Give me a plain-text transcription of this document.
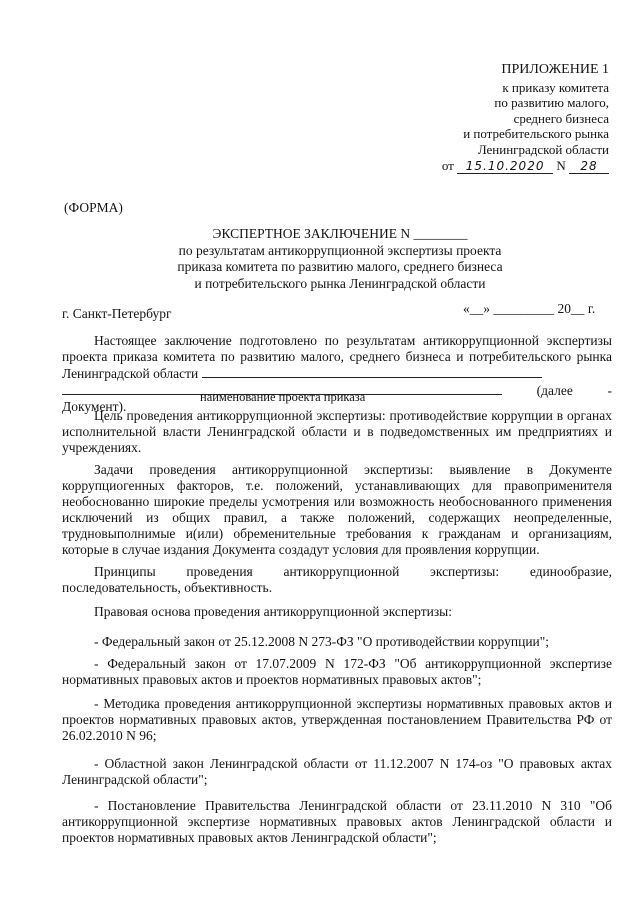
ПРИЛОЖЕНИЕ 1
к приказу комитета
по развитию малого,
среднего бизнеса
и потребительского рынка
Ленинградской области
от 15.10.2020 N 28
(ФОРМА)
ЭКСПЕРТНОЕ ЗАКЛЮЧЕНИЕ N ________
по результатам антикоррупционной экспертизы проекта
приказа комитета по развитию малого, среднего бизнеса
и потребительского рынка Ленинградской области
г. Санкт-Петербург	«__» _________ 20__ г.

Настоящее заключение подготовлено по результатам антикоррупционной экспертизы проекта приказа комитета по развитию малого, среднего бизнеса и потребительского рынка Ленинградской области
(далее - Документ).

наименование проекта приказа

Цель проведения антикоррупционной экспертизы: противодействие коррупции в органах исполнительной власти Ленинградской области и в подведомственных им предприятиях и учреждениях.

Задачи проведения антикоррупционной экспертизы: выявление в Документе коррупциогенных факторов, т.е. положений, устанавливающих для правоприменителя необоснованно широкие пределы усмотрения или возможность необоснованного применения исключений из общих правил, а также положений, содержащих неопределенные, трудновыполнимые и(или) обременительные требования к гражданам и организациям, которые в случае издания Документа создадут условия для проявления коррупции.

Принципы проведения антикоррупционной экспертизы: единообразие, последовательность, объективность.

Правовая основа проведения антикоррупционной экспертизы:

- Федеральный закон от 25.12.2008 N 273-ФЗ "О противодействии коррупции";

- Федеральный закон от 17.07.2009 N 172-ФЗ "Об антикоррупционной экспертизе нормативных правовых актов и проектов нормативных правовых актов";

- Методика проведения антикоррупционной экспертизы нормативных правовых актов и проектов нормативных правовых актов, утвержденная постановлением Правительства РФ от 26.02.2010 N 96;

- Областной закон Ленинградской области от 11.12.2007 N 174-оз "О правовых актах Ленинградской области";

- Постановление Правительства Ленинградской области от 23.11.2010 N 310 "Об антикоррупционной экспертизе нормативных правовых актов Ленинградской области и проектов нормативных правовых актов Ленинградской области";
